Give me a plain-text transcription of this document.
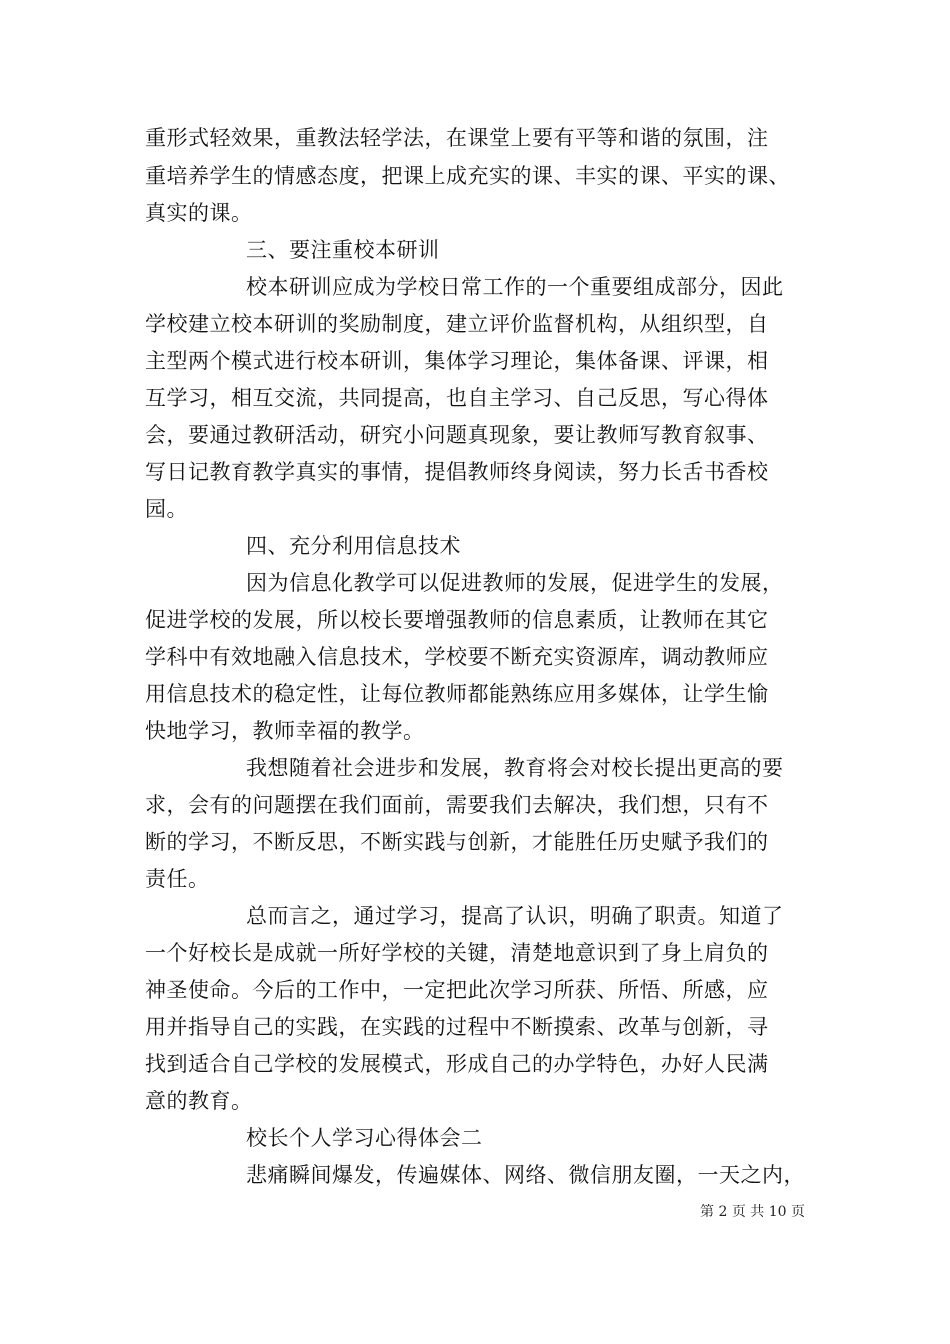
重形式轻效果，重教法轻学法，在课堂上要有平等和谐的氛围，注
重培养学生的情感态度，把课上成充实的课、丰实的课、平实的课、
真实的课。
三、要注重校本研训
校本研训应成为学校日常工作的一个重要组成部分，因此
学校建立校本研训的奖励制度，建立评价监督机构，从组织型，自
主型两个模式进行校本研训，集体学习理论，集体备课、评课，相
互学习，相互交流，共同提高，也自主学习、自己反思，写心得体
会，要通过教研活动，研究小问题真现象，要让教师写教育叙事、
写日记教育教学真实的事情，提倡教师终身阅读，努力长舌书香校
园。
四、充分利用信息技术
因为信息化教学可以促进教师的发展，促进学生的发展，
促进学校的发展，所以校长要增强教师的信息素质，让教师在其它
学科中有效地融入信息技术，学校要不断充实资源库，调动教师应
用信息技术的稳定性，让每位教师都能熟练应用多媒体，让学生愉
快地学习，教师幸福的教学。
我想随着社会进步和发展，教育将会对校长提出更高的要
求，会有的问题摆在我们面前，需要我们去解决，我们想，只有不
断的学习，不断反思，不断实践与创新，才能胜任历史赋予我们的
责任。
总而言之，通过学习，提高了认识，明确了职责。知道了
一个好校长是成就一所好学校的关键，清楚地意识到了身上肩负的
神圣使命。今后的工作中，一定把此次学习所获、所悟、所感，应
用并指导自己的实践，在实践的过程中不断摸索、改革与创新，寻
找到适合自己学校的发展模式，形成自己的办学特色，办好人民满
意的教育。
校长个人学习心得体会二
悲痛瞬间爆发，传遍媒体、网络、微信朋友圈，一天之内，
第 2 页 共 10 页
